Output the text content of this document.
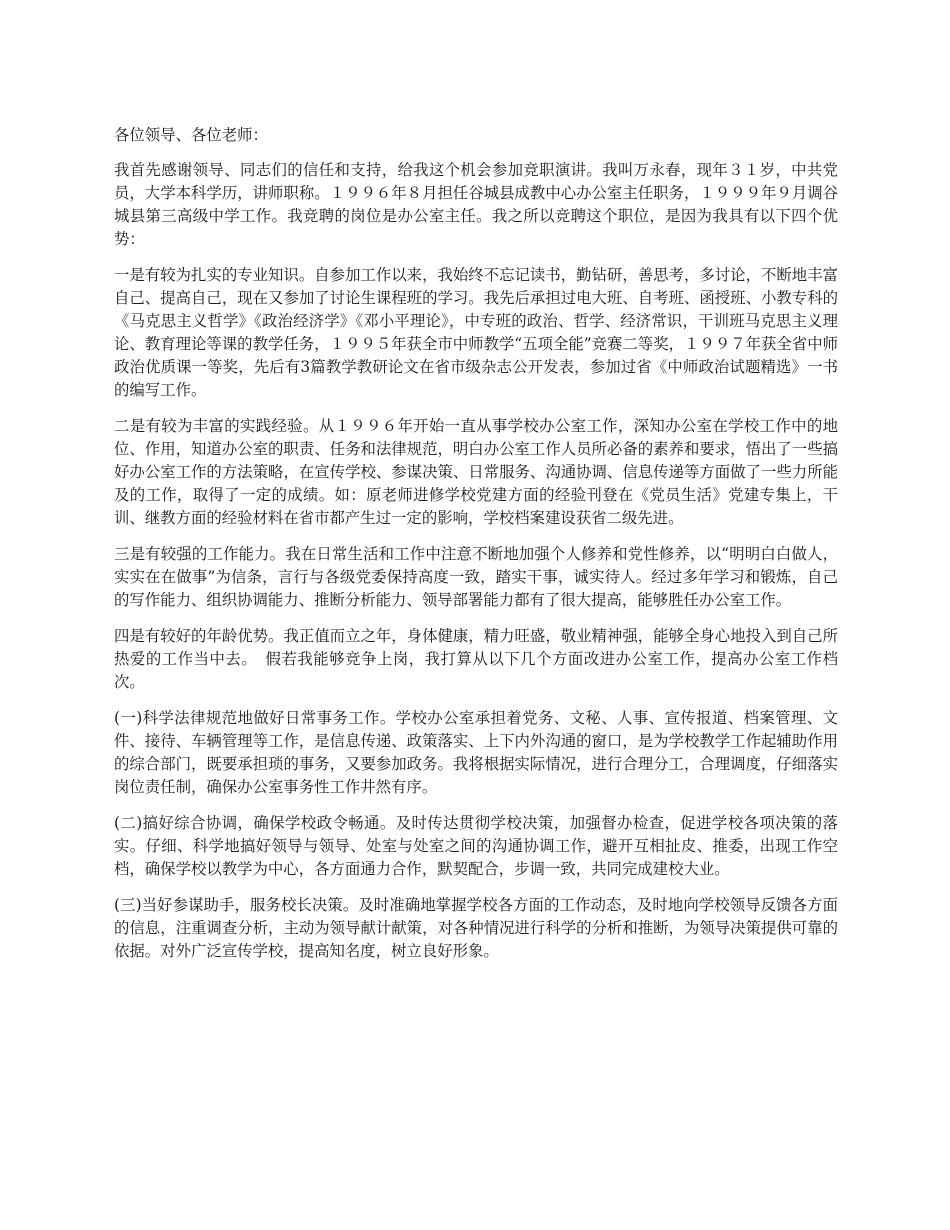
各位领导、各位老师：

我首先感谢领导、同志们的信任和支持，给我这个机会参加竞职演讲。我叫万永春，现年３１岁，中共党员，大学本科学历，讲师职称。１９９６年８月担任谷城县成教中心办公室主任职务，１９９９年９月调谷城县第三高级中学工作。我竞聘的岗位是办公室主任。我之所以竞聘这个职位，是因为我具有以下四个优势：

一是有较为扎实的专业知识。自参加工作以来，我始终不忘记读书，勤钻研，善思考，多讨论，不断地丰富自己、提高自己，现在又参加了讨论生课程班的学习。我先后承担过电大班、自考班、函授班、小教专科的《马克思主义哲学》《政治经济学》《邓小平理论》，中专班的政治、哲学、经济常识，干训班马克思主义理论、教育理论等课的教学任务，１９９５年获全市中师教学“五项全能”竞赛二等奖，１９９７年获全省中师政治优质课一等奖，先后有3篇教学教研论文在省市级杂志公开发表，参加过省《中师政治试题精选》一书的编写工作。

二是有较为丰富的实践经验。从１９９６年开始一直从事学校办公室工作，深知办公室在学校工作中的地位、作用，知道办公室的职责、任务和法律规范，明白办公室工作人员所必备的素养和要求，悟出了一些搞好办公室工作的方法策略，在宣传学校、参谋决策、日常服务、沟通协调、信息传递等方面做了一些力所能及的工作，取得了一定的成绩。如：原老师进修学校党建方面的经验刊登在《党员生活》党建专集上，干训、继教方面的经验材料在省市都产生过一定的影响，学校档案建设获省二级先进。

三是有较强的工作能力。我在日常生活和工作中注意不断地加强个人修养和党性修养，以“明明白白做人，实实在在做事”为信条，言行与各级党委保持高度一致，踏实干事，诚实待人。经过多年学习和锻炼，自己的写作能力、组织协调能力、推断分析能力、领导部署能力都有了很大提高，能够胜任办公室工作。

四是有较好的年龄优势。我正值而立之年，身体健康，精力旺盛，敬业精神强，能够全身心地投入到自己所热爱的工作当中去。　假若我能够竞争上岗，我打算从以下几个方面改进办公室工作，提高办公室工作档次。

(一)科学法律规范地做好日常事务工作。学校办公室承担着党务、文秘、人事、宣传报道、档案管理、文件、接待、车辆管理等工作，是信息传递、政策落实、上下内外沟通的窗口，是为学校教学工作起辅助作用的综合部门，既要承担琐的事务，又要参加政务。我将根据实际情况，进行合理分工，合理调度，仔细落实岗位责任制，确保办公室事务性工作井然有序。

(二)搞好综合协调，确保学校政令畅通。及时传达贯彻学校决策，加强督办检查，促进学校各项决策的落实。仔细、科学地搞好领导与领导、处室与处室之间的沟通协调工作，避开互相扯皮、推委，出现工作空档，确保学校以教学为中心，各方面通力合作，默契配合，步调一致，共同完成建校大业。

(三)当好参谋助手，服务校长决策。及时准确地掌握学校各方面的工作动态，及时地向学校领导反馈各方面的信息，注重调查分析，主动为领导献计献策，对各种情况进行科学的分析和推断，为领导决策提供可靠的依据。对外广泛宣传学校，提高知名度，树立良好形象。
